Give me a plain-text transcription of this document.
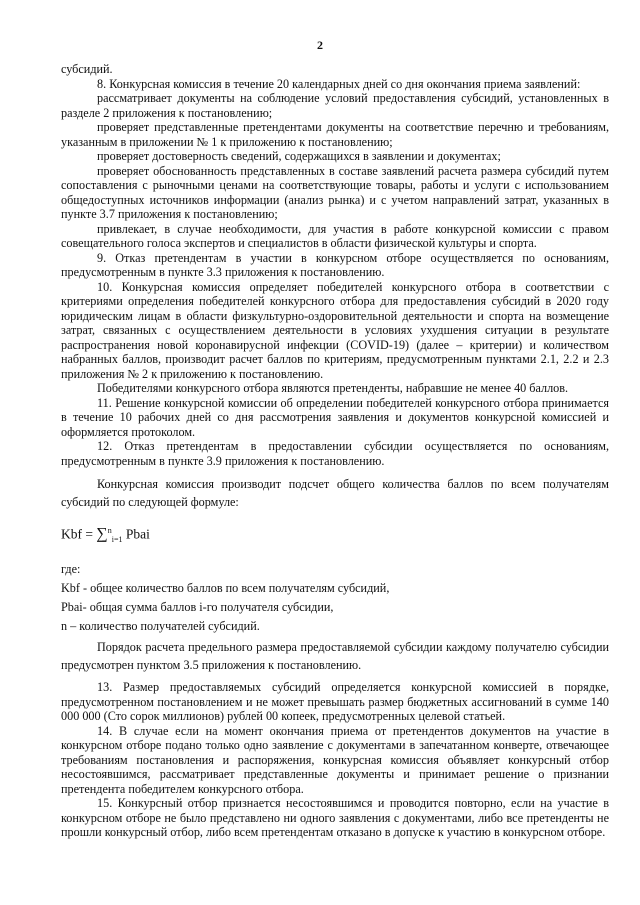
2

субсидий.

8. Конкурсная комиссия в течение 20 календарных дней со дня окончания приема заявлений:

рассматривает документы на соблюдение условий предоставления субсидий, установленных в разделе 2 приложения к постановлению;

проверяет представленные претендентами документы на соответствие перечню и требованиям, указанным в приложении № 1 к приложению к постановлению;

проверяет достоверность сведений, содержащихся в заявлении и документах;

проверяет обоснованность представленных в составе заявлений расчета размера субсидий путем сопоставления с рыночными ценами на соответствующие товары, работы и услуги с использованием общедоступных источников информации (анализ рынка) и с учетом направлений затрат, указанных в пункте 3.7 приложения к постановлению;

привлекает, в случае необходимости, для участия в работе конкурсной комиссии с правом совещательного голоса экспертов и специалистов в области физической культуры и спорта.

9. Отказ претендентам в участии в конкурсном отборе осуществляется по основаниям, предусмотренным в пункте 3.3 приложения к постановлению.

10. Конкурсная комиссия определяет победителей конкурсного отбора в соответствии с критериями определения победителей конкурсного отбора для предоставления субсидий в 2020 году юридическим лицам в области физкультурно-оздоровительной деятельности и спорта на возмещение затрат, связанных с осуществлением деятельности в условиях ухудшения ситуации в результате распространения новой коронавирусной инфекции (COVID-19) (далее – критерии) и количеством набранных баллов, производит расчет баллов по критериям, предусмотренным пунктами 2.1, 2.2 и 2.3 приложения № 2 к приложению к постановлению.

Победителями конкурсного отбора являются претенденты, набравшие не менее 40 баллов.

11. Решение конкурсной комиссии об определении победителей конкурсного отбора принимается в течение 10 рабочих дней со дня рассмотрения заявления и документов конкурсной комиссией и оформляется протоколом.

12. Отказ претендентам в предоставлении субсидии осуществляется по основаниям, предусмотренным в пункте 3.9 приложения к постановлению.

Конкурсная комиссия производит подсчет общего количества баллов по всем получателям субсидий по следующей формуле:

Kbf = ∑$^n_{i=1}$ Pbai

где:

Kbf - общее количество баллов по всем получателям субсидий,

Pbai- общая сумма баллов i-го получателя субсидии,

n – количество получателей субсидий.

Порядок расчета предельного размера предоставляемой субсидии каждому получателю субсидии предусмотрен пунктом 3.5 приложения к постановлению.

13. Размер предоставляемых субсидий определяется конкурсной комиссией в порядке, предусмотренном постановлением и не может превышать размер бюджетных ассигнований в сумме 140 000 000 (Сто сорок миллионов) рублей 00 копеек, предусмотренных целевой статьей.

14. В случае если на момент окончания приема от претендентов документов на участие в конкурсном отборе подано только одно заявление с документами в запечатанном конверте, отвечающее требованиям постановления и распоряжения, конкурсная комиссия объявляет конкурсный отбор несостоявшимся, рассматривает представленные документы и принимает решение о признании претендента победителем конкурсного отбора.

15. Конкурсный отбор признается несостоявшимся и проводится повторно, если на участие в конкурсном отборе не было представлено ни одного заявления с документами, либо все претенденты не прошли конкурсный отбор, либо всем претендентам отказано в допуске к участию в конкурсном отборе.
